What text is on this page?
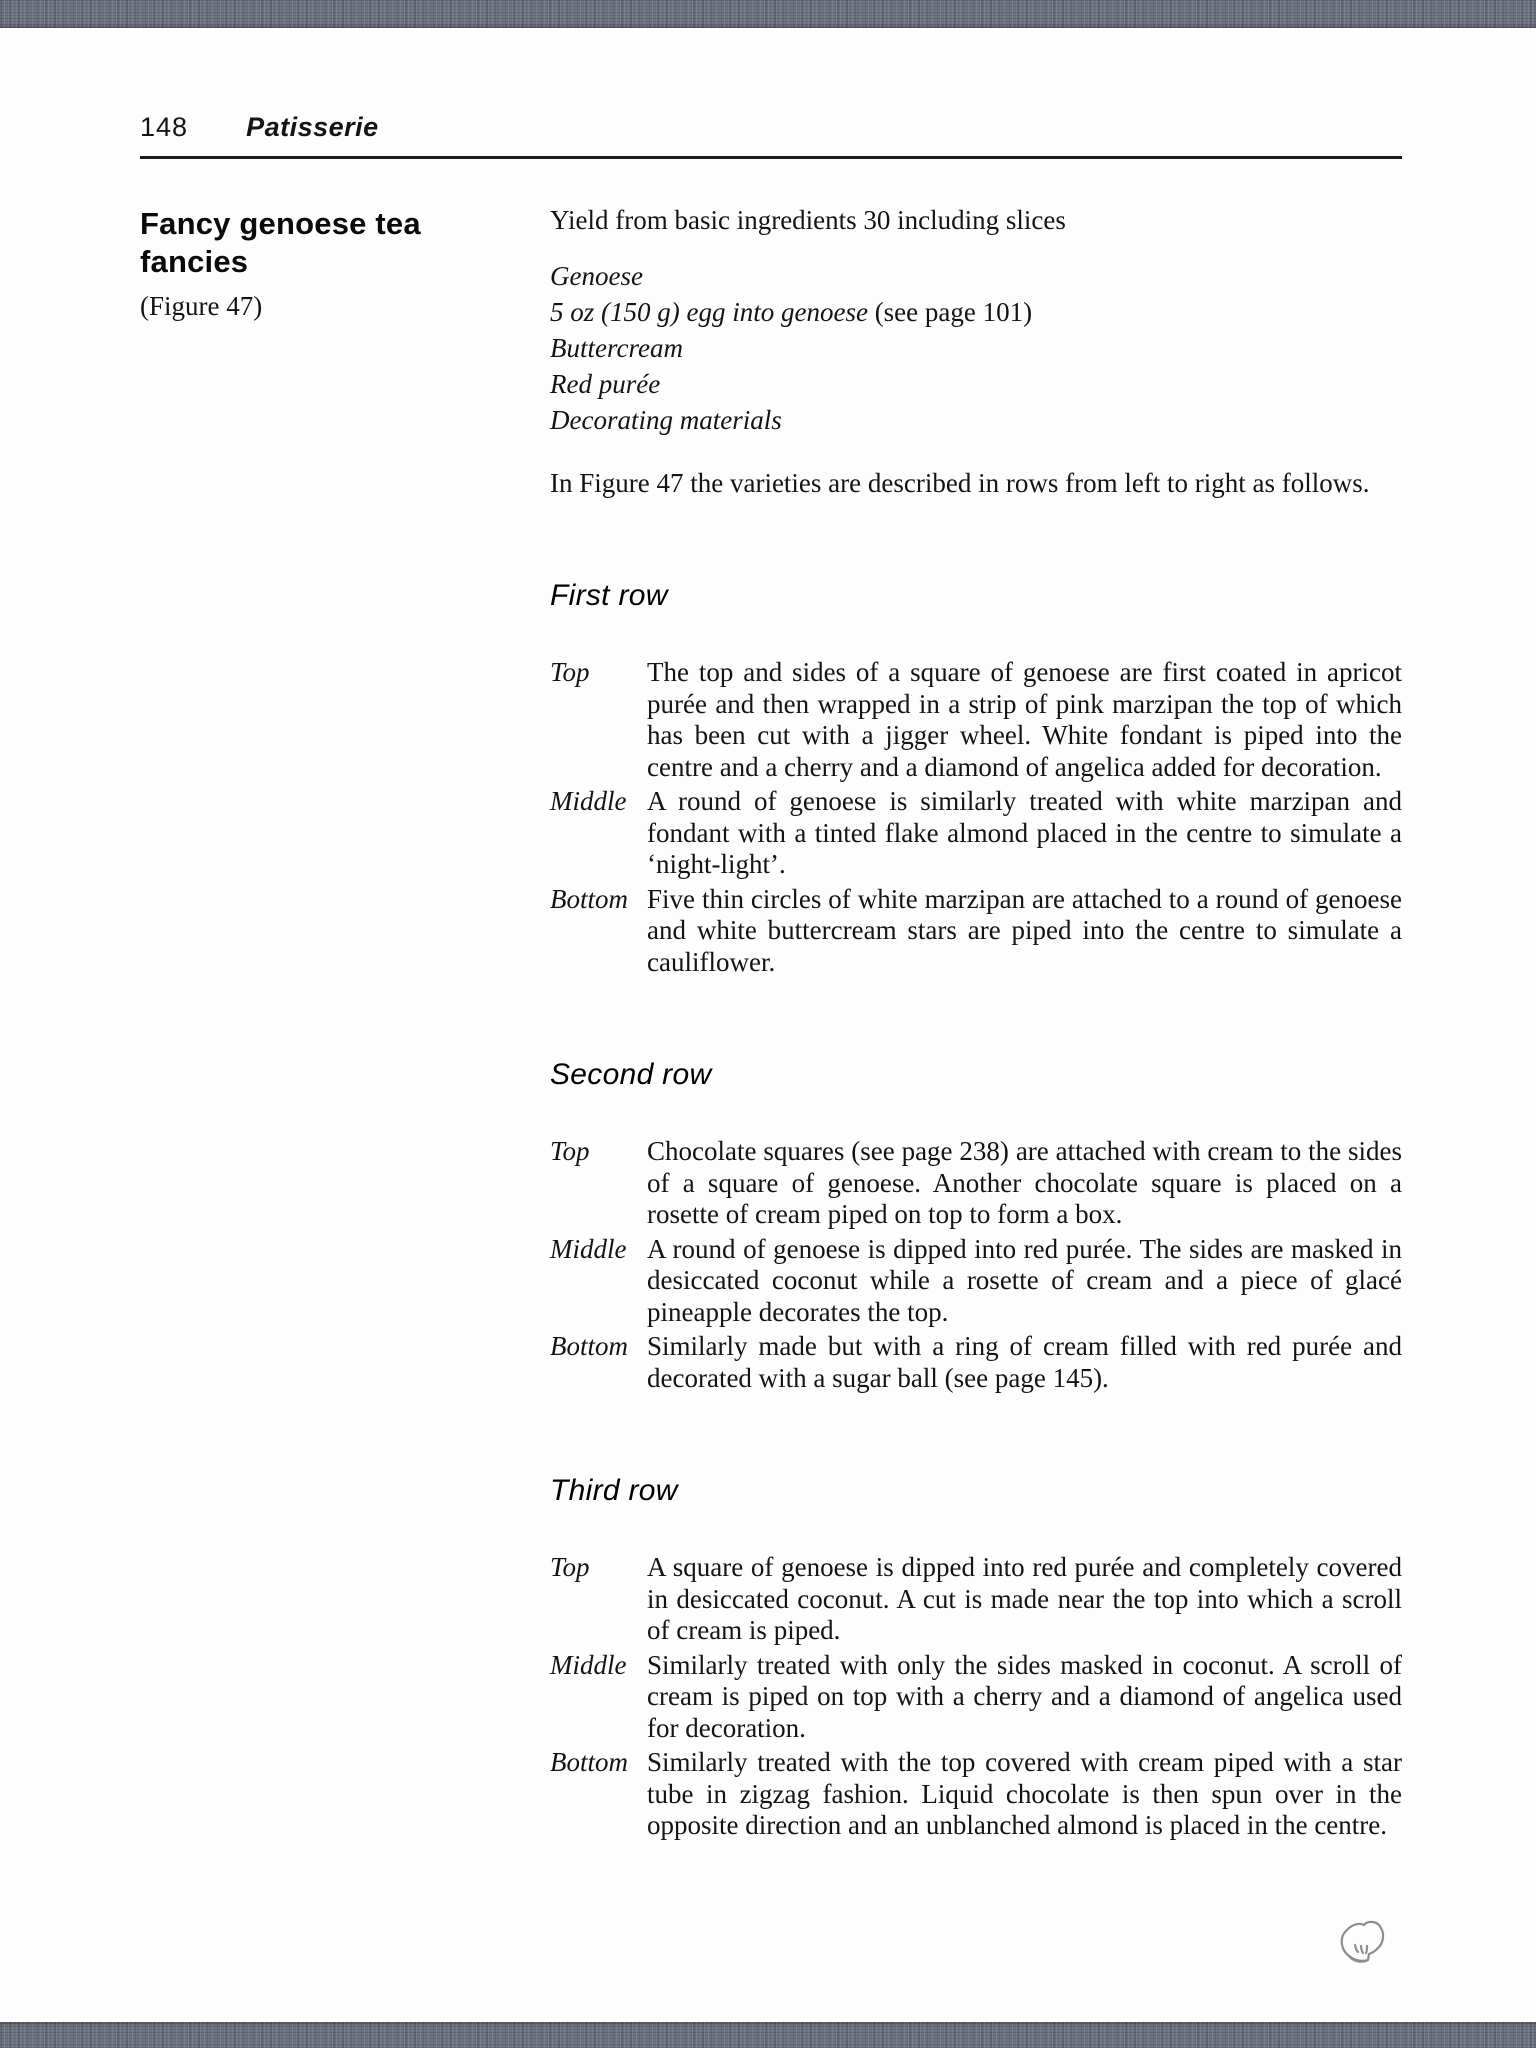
148 Patisserie
Fancy genoese tea fancies
(Figure 47)
Yield from basic ingredients 30 including slices
Genoese
5 oz (150 g) egg into genoese (see page 101)
Buttercream
Red purée
Decorating materials

In Figure 47 the varieties are described in rows from left to right as follows.

First row
Top	The top and sides of a square of genoese are first coated in apricot purée and then wrapped in a strip of pink marzipan the top of which has been cut with a jigger wheel. White fondant is piped into the centre and a cherry and a diamond of angelica added for decoration.
Middle A round of genoese is similarly treated with white marzipan and fondant with a tinted flake almond placed in the centre to simulate a ‘night-light’.
Bottom Five thin circles of white marzipan are attached to a round of genoese and white buttercream stars are piped into the centre to simulate a cauliflower.
Second row
Top	Chocolate squares (see page 238) are attached with cream to the sides of a square of genoese. Another chocolate square is placed on a rosette of cream piped on top to form a box.
Middle A round of genoese is dipped into red purée. The sides are masked in desiccated coconut while a rosette of cream and a piece of glacé pineapple decorates the top.
Bottom Similarly made but with a ring of cream filled with red purée and decorated with a sugar ball (see page 145).
Third row
Top	A square of genoese is dipped into red purée and completely covered in desiccated coconut. A cut is made near the top into which a scroll of cream is piped.
Middle Similarly treated with only the sides masked in coconut. A scroll of cream is piped on top with a cherry and a diamond of angelica used for decoration.
Bottom Similarly treated with the top covered with cream piped with a star tube in zigzag fashion. Liquid chocolate is then spun over in the opposite direction and an unblanched almond is placed in the centre.
